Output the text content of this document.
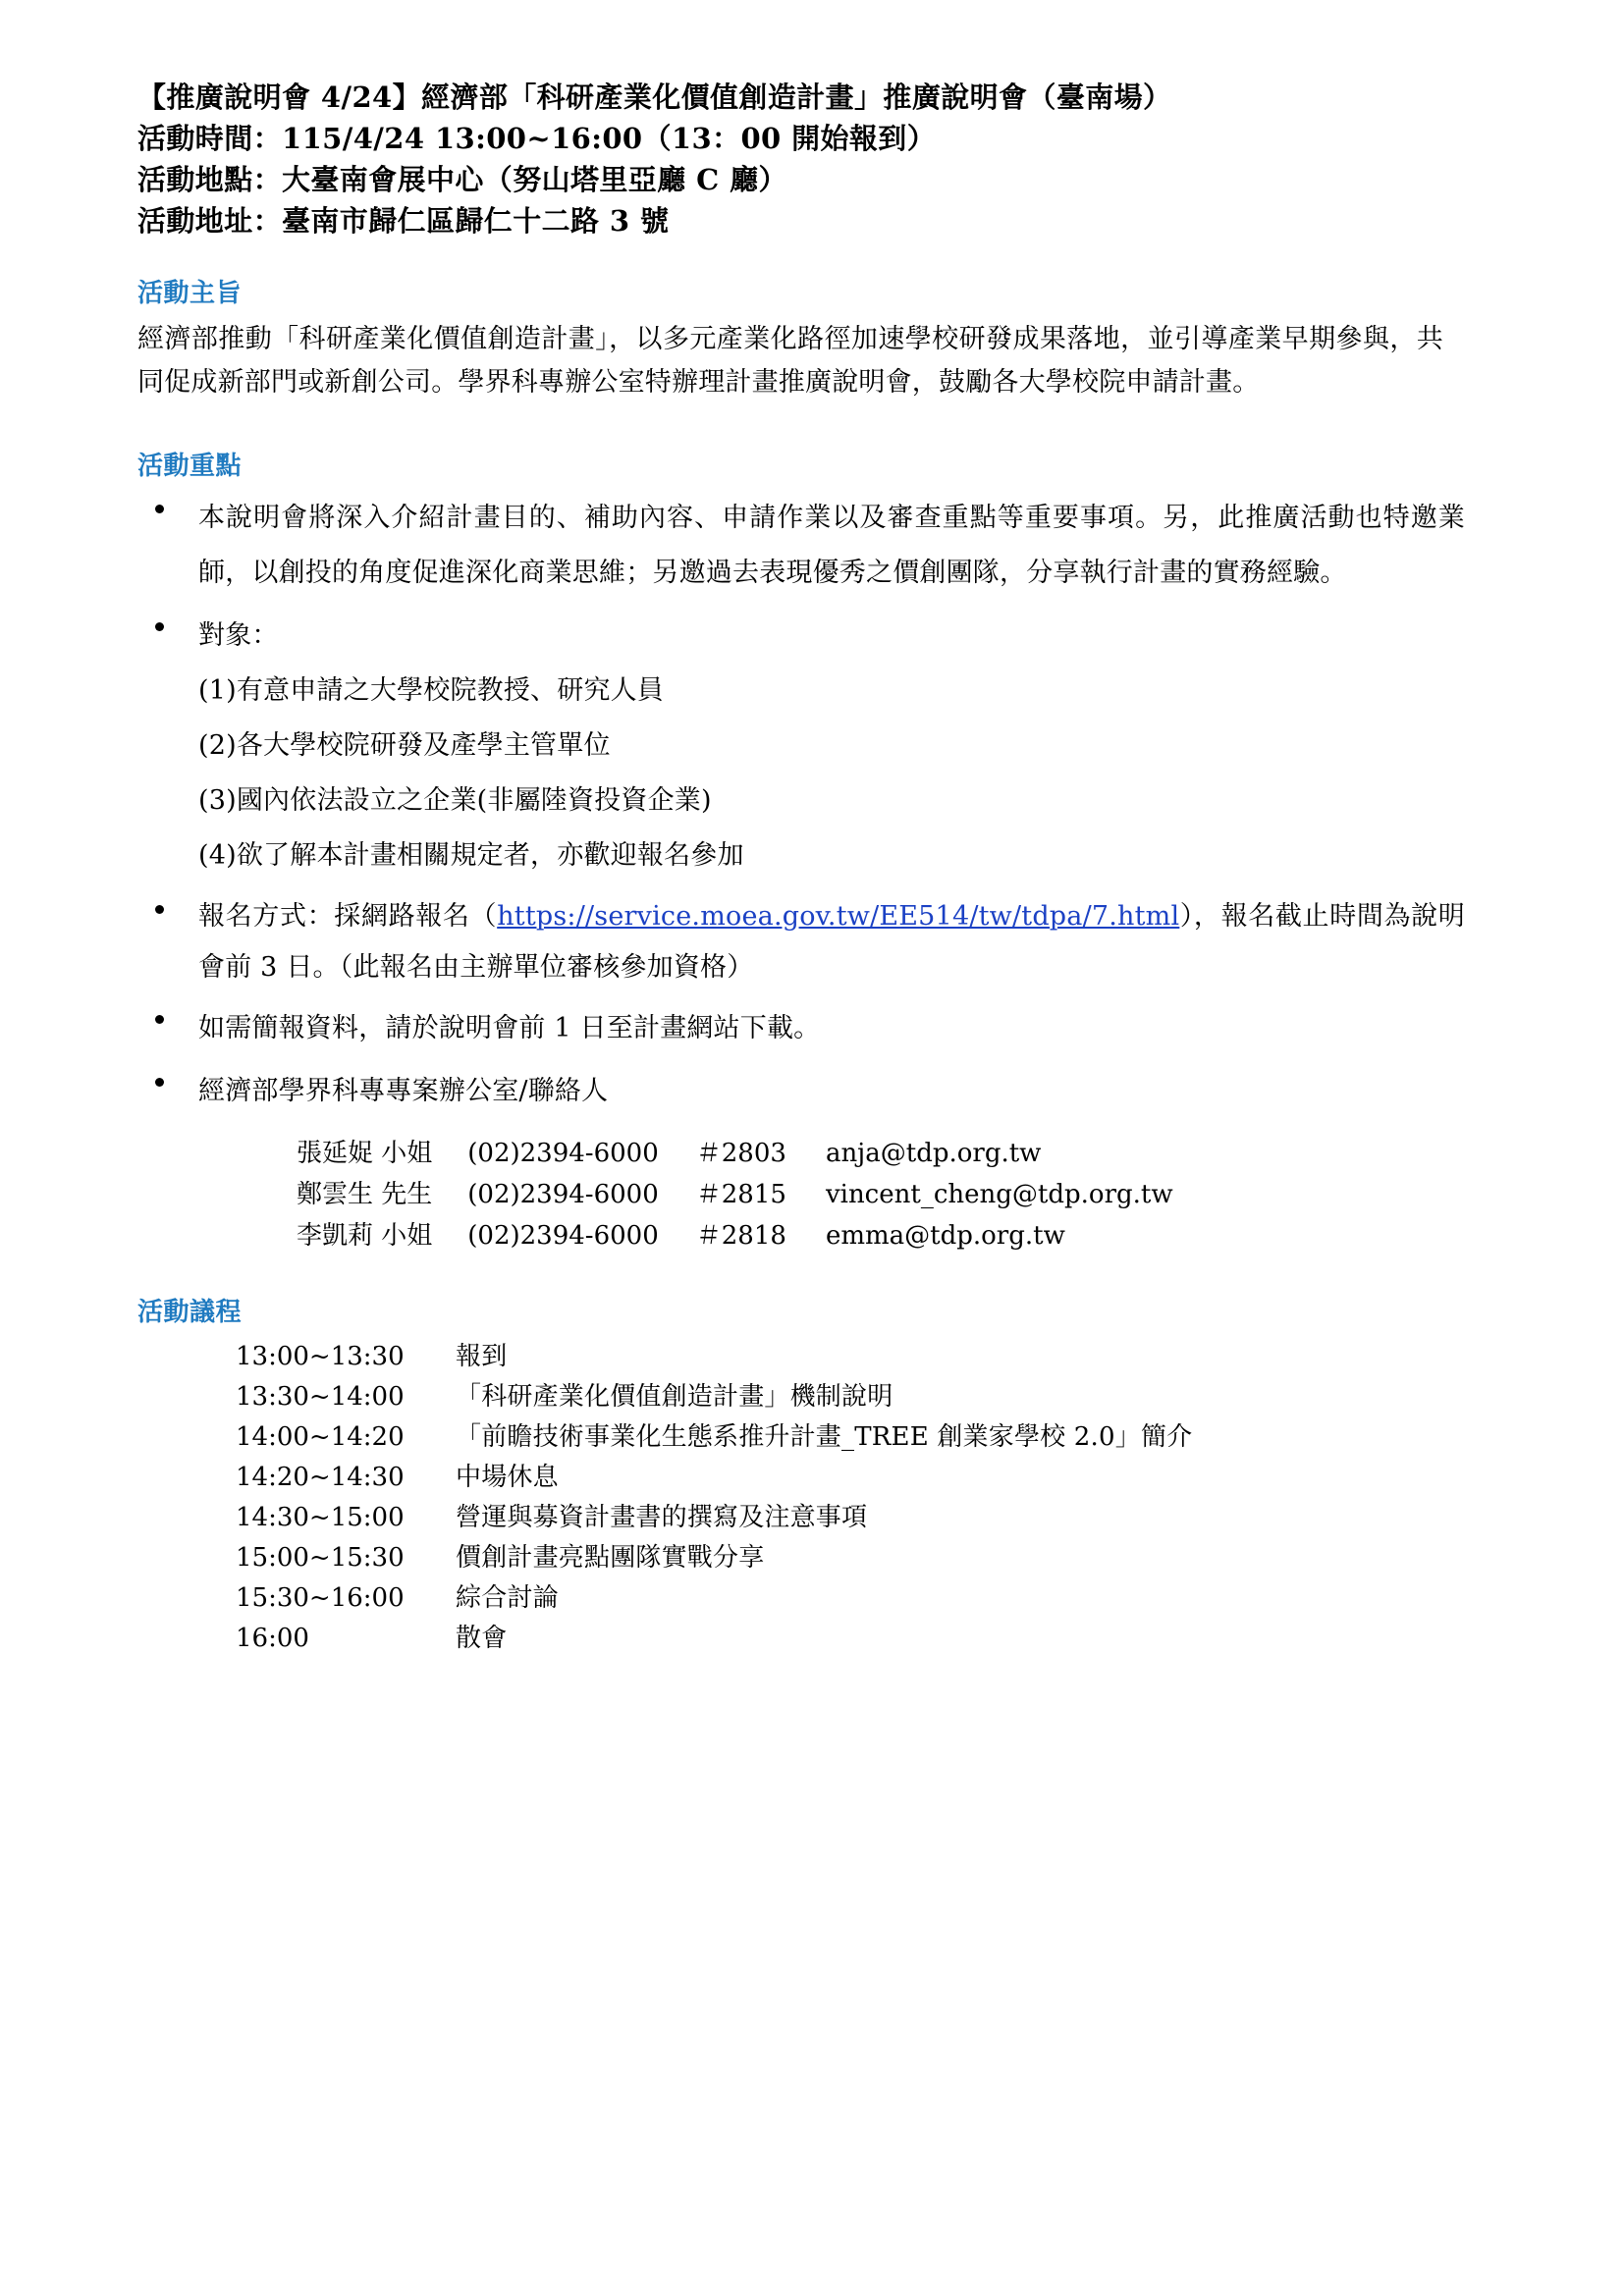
【推廣說明會 4/24】經濟部「科研產業化價值創造計畫」推廣說明會（臺南場）
活動時間：115/4/24 13:00~16:00（13：00 開始報到）
活動地點：大臺南會展中心（努山塔里亞廳 C 廳）
活動地址：臺南市歸仁區歸仁十二路 3 號
活動主旨

經濟部推動「科研產業化價值創造計畫」，以多元產業化路徑加速學校研發成果落地，並引導產業早期參與，共同促成新部門或新創公司。學界科專辦公室特辦理計畫推廣說明會，鼓勵各大學校院申請計畫。

活動重點
本說明會將深入介紹計畫目的、補助內容、申請作業以及審查重點等重要事項。另，此推廣活動也特邀業師，以創投的角度促進深化商業思維；另邀過去表現優秀之價創團隊，分享執行計畫的實務經驗。
對象：
(1)有意申請之大學校院教授、研究人員
(2)各大學校院研發及產學主管單位
(3)國內依法設立之企業(非屬陸資投資企業)
(4)欲了解本計畫相關規定者，亦歡迎報名參加
報名方式：採網路報名（https://service.moea.gov.tw/EE514/tw/tdpa/7.html），報名截止時間為說明會前 3 日。（此報名由主辦單位審核參加資格）
如需簡報資料，請於說明會前 1 日至計畫網站下載。
經濟部學界科專專案辦公室/聯絡人
張延娖 小姐	(02)2394-6000	＃2803	anja@tdp.org.tw
鄭雲生 先生	(02)2394-6000	＃2815	vincent_cheng@tdp.org.tw
李凱莉 小姐	(02)2394-6000	＃2818	emma@tdp.org.tw
活動議程
13:00~13:30	報到
13:30~14:00	「科研產業化價值創造計畫」機制說明
14:00~14:20	「前瞻技術事業化生態系推升計畫_TREE 創業家學校 2.0」簡介
14:20~14:30	中場休息
14:30~15:00	營運與募資計畫書的撰寫及注意事項
15:00~15:30	價創計畫亮點團隊實戰分享
15:30~16:00	綜合討論
16:00	散會
